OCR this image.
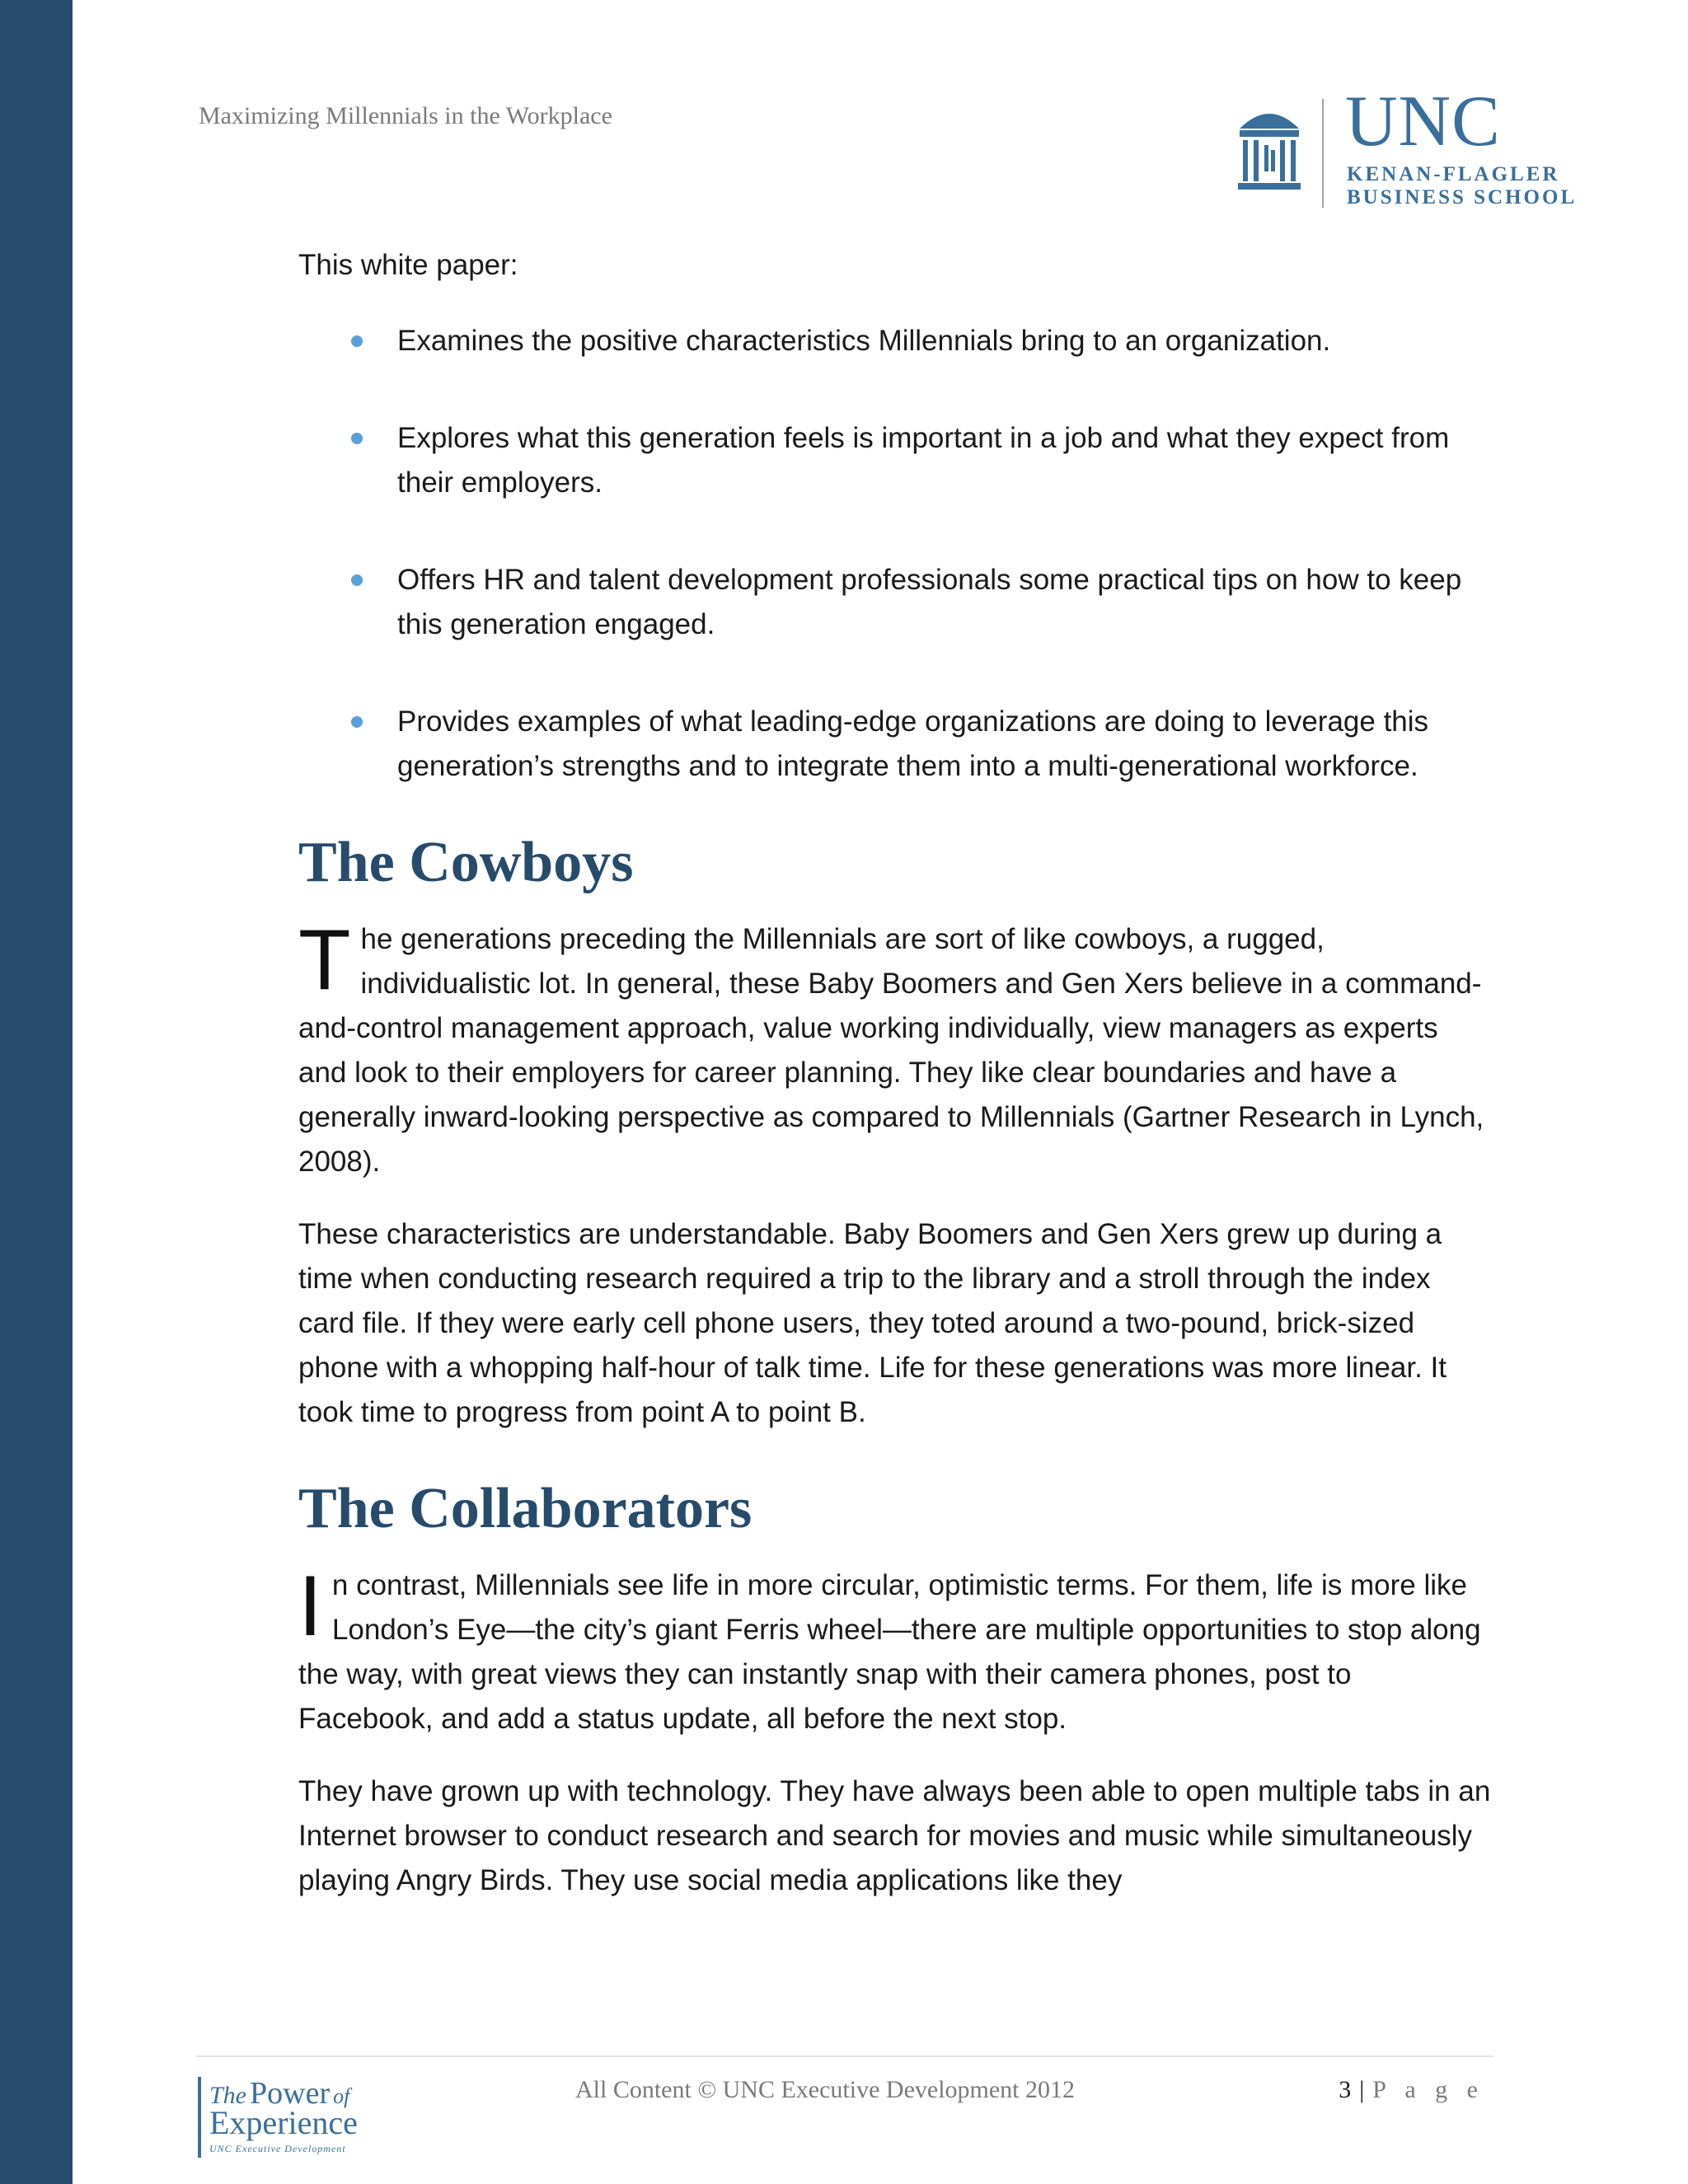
Maximizing Millennials in the Workplace	UNC
KENAN-FLAGLER
BUSINESS SCHOOL

This white paper:

Examines the positive characteristics Millennials bring to an organization.
Explores what this generation feels is important in a job and what they expect from their employers.
Offers HR and talent development professionals some practical tips on how to keep this generation engaged.
Provides examples of what leading-edge organizations are doing to leverage this generation’s strengths and to integrate them into a multi-generational workforce.
The Cowboys

The generations preceding the Millennials are sort of like cowboys, a rugged, individualistic lot. In general, these Baby Boomers and Gen Xers believe in a command-and-control management approach, value working individually, view managers as experts and look to their employers for career planning. They like clear boundaries and have a generally inward-looking perspective as compared to Millennials (Gartner Research in Lynch, 2008).

These characteristics are understandable. Baby Boomers and Gen Xers grew up during a time when conducting research required a trip to the library and a stroll through the index card file. If they were early cell phone users, they toted around a two-pound, brick-sized phone with a whopping half-hour of talk time. Life for these generations was more linear. It took time to progress from point A to point B.

The Collaborators

In contrast, Millennials see life in more circular, optimistic terms. For them, life is more like London’s Eye—the city’s giant Ferris wheel—there are multiple opportunities to stop along the way, with great views they can instantly snap with their camera phones, post to Facebook, and add a status update, all before the next stop.

They have grown up with technology. They have always been able to open multiple tabs in an Internet browser to conduct research and search for movies and music while simultaneously playing Angry Birds. They use social media applications like they

The Power of
Experience
UNC Executive Development
All Content © UNC Executive Development 2012	3 | P a g e
